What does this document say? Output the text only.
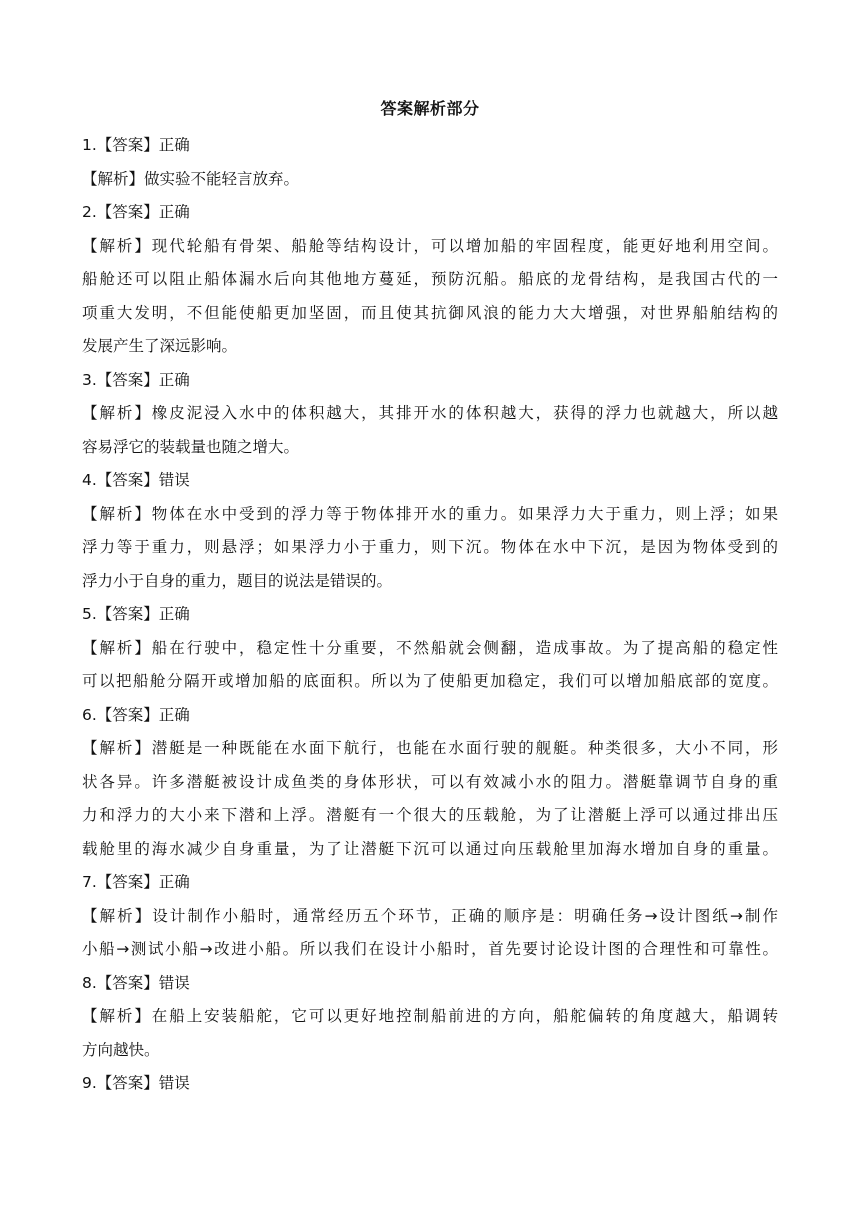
答案解析部分
1.【答案】正确
【解析】做实验不能轻言放弃。
2.【答案】正确
【解析】现代轮船有骨架、船舱等结构设计，可以增加船的牢固程度，能更好地利用空间。
船舱还可以阻止船体漏水后向其他地方蔓延，预防沉船。船底的龙骨结构，是我国古代的一
项重大发明，不但能使船更加坚固，而且使其抗御风浪的能力大大增强，对世界船舶结构的
发展产生了深远影响。
3.【答案】正确
【解析】橡皮泥浸入水中的体积越大，其排开水的体积越大，获得的浮力也就越大，所以越
容易浮它的装载量也随之增大。
4.【答案】错误
【解析】物体在水中受到的浮力等于物体排开水的重力。如果浮力大于重力，则上浮；如果
浮力等于重力，则悬浮；如果浮力小于重力，则下沉。物体在水中下沉，是因为物体受到的
浮力小于自身的重力，题目的说法是错误的。
5.【答案】正确
【解析】船在行驶中，稳定性十分重要，不然船就会侧翻，造成事故。为了提高船的稳定性
可以把船舱分隔开或增加船的底面积。所以为了使船更加稳定，我们可以增加船底部的宽度。
6.【答案】正确
【解析】潜艇是一种既能在水面下航行，也能在水面行驶的舰艇。种类很多，大小不同，形
状各异。许多潜艇被设计成鱼类的身体形状，可以有效减小水的阻力。潜艇靠调节自身的重
力和浮力的大小来下潜和上浮。潜艇有一个很大的压载舱，为了让潜艇上浮可以通过排出压
载舱里的海水减少自身重量，为了让潜艇下沉可以通过向压载舱里加海水增加自身的重量。
7.【答案】正确
【解析】设计制作小船时，通常经历五个环节，正确的顺序是：明确任务→设计图纸→制作
小船→测试小船→改进小船。所以我们在设计小船时，首先要讨论设计图的合理性和可靠性。
8.【答案】错误
【解析】在船上安装船舵，它可以更好地控制船前进的方向，船舵偏转的角度越大，船调转
方向越快。
9.【答案】错误
